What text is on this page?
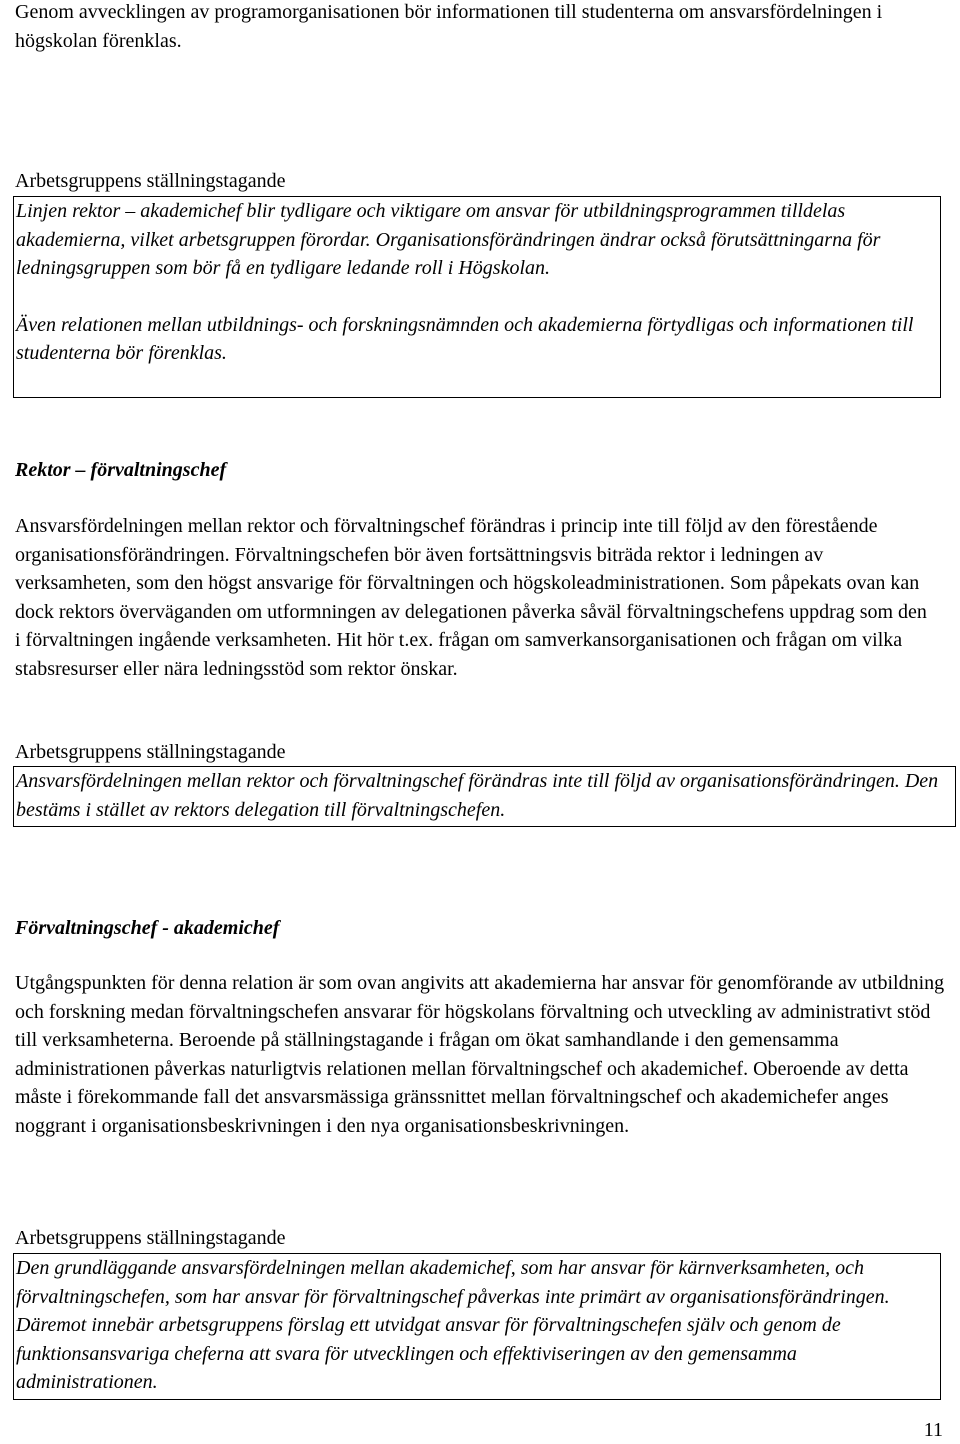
Genom avvecklingen av programorganisationen bör informationen till studenterna om ansvarsfördelningen i högskolan förenklas.

Arbetsgruppens ställningstagande

Linjen rektor – akademichef blir tydligare och viktigare om ansvar för utbildningsprogrammen tilldelas akademierna, vilket arbetsgruppen förordar. Organisationsförändringen ändrar också förutsättningarna för ledningsgruppen som bör få en tydligare ledande roll i Högskolan.

Även relationen mellan utbildnings- och forskningsnämnden och akademierna förtydligas och informationen till studenterna bör förenklas.

Rektor – förvaltningschef

Ansvarsfördelningen mellan rektor och förvaltningschef förändras i princip inte till följd av den förestående organisationsförändringen. Förvaltningschefen bör även fortsättningsvis biträda rektor i ledningen av verksamheten, som den högst ansvarige för förvaltningen och högskoleadministrationen. Som påpekats ovan kan dock rektors överväganden om utformningen av delegationen påverka såväl förvaltningschefens uppdrag som den i förvaltningen ingående verksamheten. Hit hör t.ex. frågan om samverkansorganisationen och frågan om vilka stabsresurser eller nära ledningsstöd som rektor önskar.

Arbetsgruppens ställningstagande

Ansvarsfördelningen mellan rektor och förvaltningschef förändras inte till följd av organisationsförändringen. Den bestäms i stället av rektors delegation till förvaltningschefen.

Förvaltningschef - akademichef

Utgångspunkten för denna relation är som ovan angivits att akademierna har ansvar för genomförande av utbildning och forskning medan förvaltningschefen ansvarar för högskolans förvaltning och utveckling av administrativt stöd till verksamheterna. Beroende på ställningstagande i frågan om ökat samhandlande i den gemensamma administrationen påverkas naturligtvis relationen mellan förvaltningschef och akademichef. Oberoende av detta måste i förekommande fall det ansvarsmässiga gränssnittet mellan förvaltningschef och akademichefer anges noggrant i organisationsbeskrivningen i den nya organisationsbeskrivningen.

Arbetsgruppens ställningstagande

Den grundläggande ansvarsfördelningen mellan akademichef, som har ansvar för kärnverksamheten, och förvaltningschefen, som har ansvar för förvaltningschef påverkas inte primärt av organisationsförändringen. Däremot innebär arbetsgruppens förslag ett utvidgat ansvar för förvaltningschefen själv och genom de funktionsansvariga cheferna att svara för utvecklingen och effektiviseringen av den gemensamma administrationen.

11
